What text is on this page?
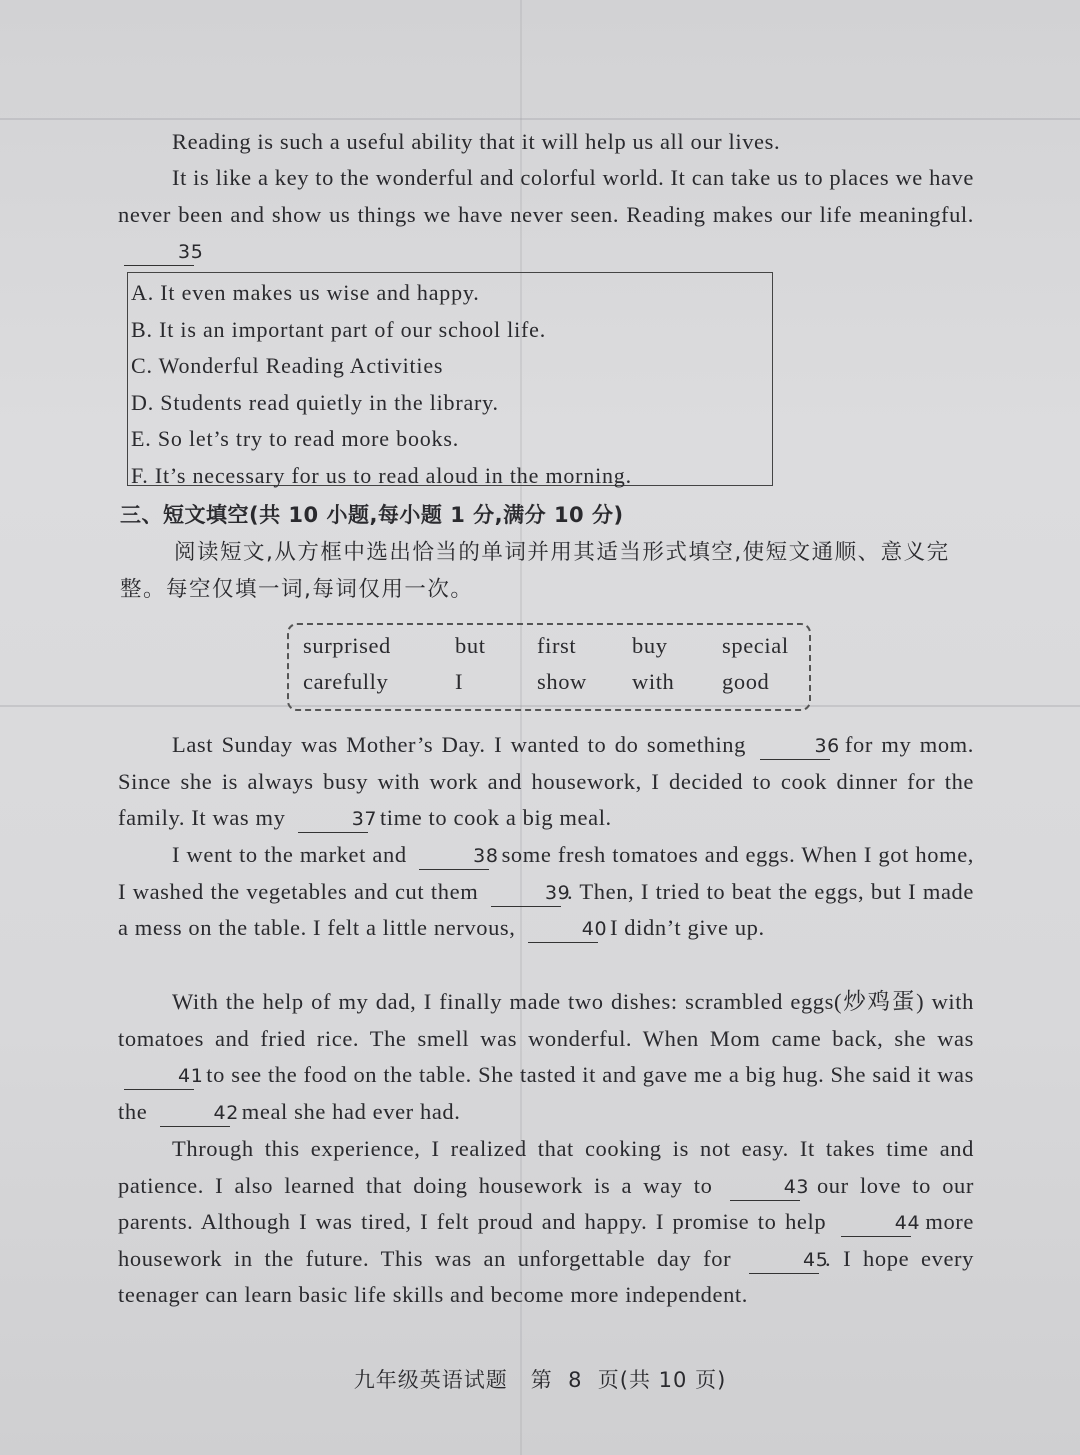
Reading is such a useful ability that it will help us all our lives.
It is like a key to the wonderful and colorful world. It can take us to places we have never been and show us things we have never seen. Reading makes our life meaningful. 35
A. It even makes us wise and happy.
B. It is an important part of our school life.
C. Wonderful Reading Activities
D. Students read quietly in the library.
E. So let’s try to read more books.
F. It’s necessary for us to read aloud in the morning.
三、短文填空(共 10 小题,每小题 1 分,满分 10 分)
阅读短文,从方框中选出恰当的单词并用其适当形式填空,使短文通顺、意义完整。每空仅填一词,每词仅用一次。
surprised	but	first	buy	special
carefully	I	show	with	good
Last Sunday was Mother’s Day. I wanted to do something	36 for my mom. Since she is always busy with work and housework, I decided to cook dinner for the family. It was my	37 time to cook a big meal.
I went to the market and	38 some fresh tomatoes and eggs. When I got home, I washed the vegetables and cut them	39. Then, I tried to beat the eggs, but I made a mess on the table. I felt a little nervous,	40 I didn’t give up.
With the help of my dad, I finally made two dishes: scrambled eggs(炒鸡蛋) with tomatoes and fried rice. The smell was wonderful. When Mom came back, she was 41 to see the food on the table. She tasted it and gave me a big hug. She said it was the	42 meal she had ever had.
Through this experience, I realized that cooking is not easy. It takes time and patience. I also learned that doing housework is a way to	43 our love to our parents. Although I was tired, I felt proud and happy. I promise to help	44 more housework in the future. This was an unforgettable day for	45. I hope every teenager can learn basic life skills and become more independent.
九年级英语试题   第  8  页(共 10 页)
